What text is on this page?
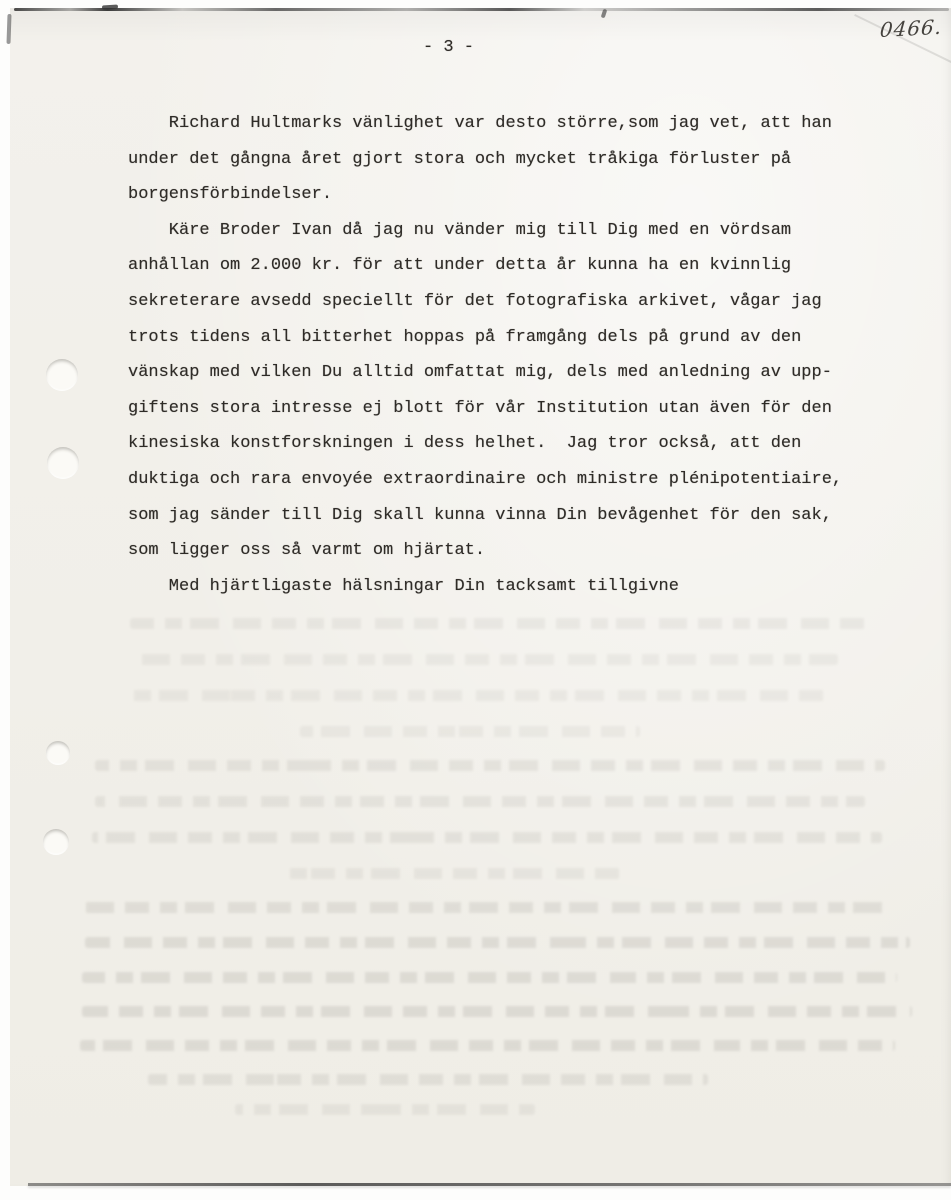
0466.
- 3 -
Richard Hultmarks vänlighet var desto större,som jag vet, att han
under det gångna året gjort stora och mycket tråkiga förluster på
borgensförbindelser.
Käre Broder Ivan då jag nu vänder mig till Dig med en vördsam
anhållan om 2.000 kr. för att under detta år kunna ha en kvinnlig
sekreterare avsedd speciellt för det fotografiska arkivet, vågar jag
trots tidens all bitterhet hoppas på framgång dels på grund av den
vänskap med vilken Du alltid omfattat mig, dels med anledning av upp-
giftens stora intresse ej blott för vår Institution utan även för den
kinesiska konstforskningen i dess helhet.  Jag tror också, att den
duktiga och rara envoyée extraordinaire och ministre plénipotentiaire,
som jag sänder till Dig skall kunna vinna Din bevågenhet för den sak,
som ligger oss så varmt om hjärtat.
Med hjärtligaste hälsningar Din tacksamt tillgivne
